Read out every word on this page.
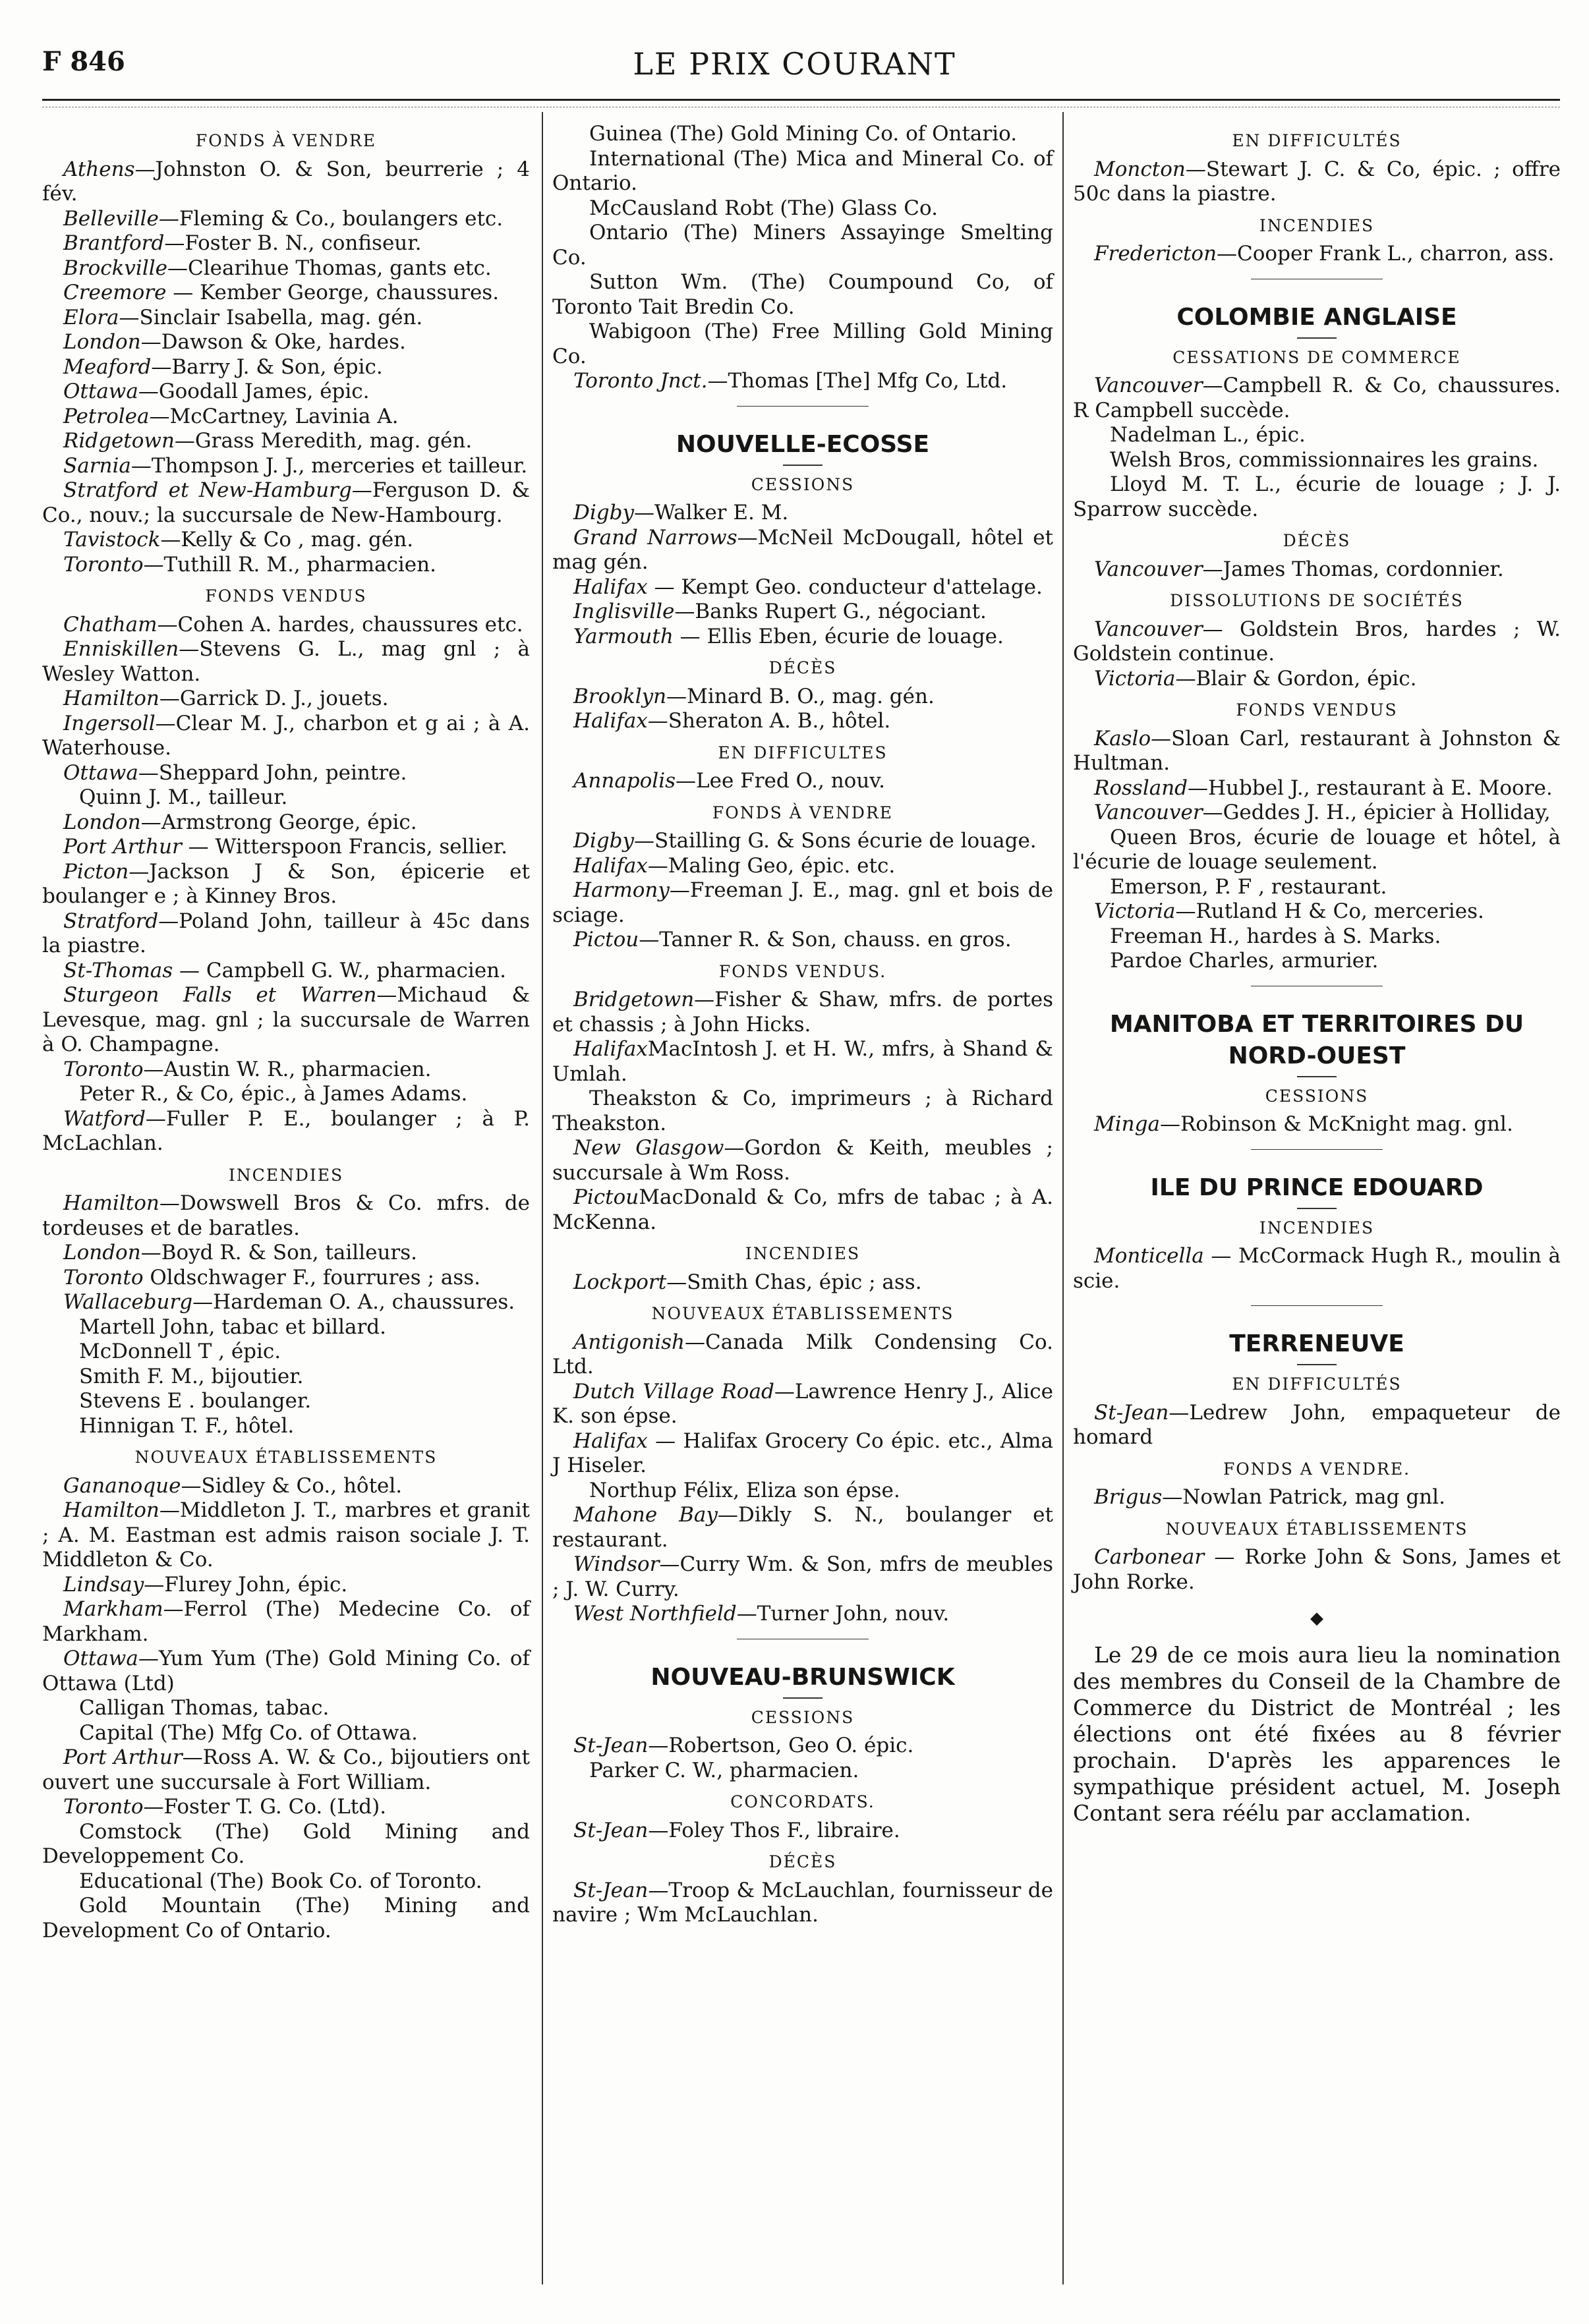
F 846	LE PRIX COURANT
FONDS À VENDRE

Athens—Johnston O. & Son, beurrerie ; 4 fév.

Belleville—Fleming & Co., boulangers etc.

Brantford—Foster B. N., confiseur.

Brockville—Clearihue Thomas, gants etc.

Creemore — Kember George, chaussures.

Elora—Sinclair Isabella, mag. gén.

London—Dawson & Oke, hardes.

Meaford—Barry J. & Son, épic.

Ottawa—Goodall James, épic.

Petrolea—McCartney, Lavinia A.

Ridgetown—Grass Meredith, mag. gén.

Sarnia—Thompson J. J., merceries et tailleur.

Stratford et New-Hamburg—Ferguson D. & Co., nouv.; la succursale de New-Hambourg.

Tavistock—Kelly & Co , mag. gén.

Toronto—Tuthill R. M., pharmacien.

FONDS VENDUS

Chatham—Cohen A. hardes, chaussures etc.

Enniskillen—Stevens G. L., mag gnl ; à Wesley Watton.

Hamilton—Garrick D. J., jouets.

Ingersoll—Clear M. J., charbon et g ai ; à A. Waterhouse.

Ottawa—Sheppard John, peintre.

Quinn J. M., tailleur.

London—Armstrong George, épic.

Port Arthur — Witterspoon Francis, sellier.

Picton—Jackson J & Son, épicerie et boulanger e ; à Kinney Bros.

Stratford—Poland John, tailleur à 45c dans la piastre.

St-Thomas — Campbell G. W., pharmacien.

Sturgeon Falls et Warren—Michaud & Levesque, mag. gnl ; la succursale de Warren à O. Champagne.

Toronto—Austin W. R., pharmacien.

Peter R., & Co, épic., à James Adams.

Watford—Fuller P. E., boulanger ; à P. McLachlan.

INCENDIES

Hamilton—Dowswell Bros & Co. mfrs. de tordeuses et de baratles.

London—Boyd R. & Son, tailleurs.

Toronto Oldschwager F., fourrures ; ass.

Wallaceburg—Hardeman O. A., chaussures.

Martell John, tabac et billard.

McDonnell T , épic.

Smith F. M., bijoutier.

Stevens E . boulanger.

Hinnigan T. F., hôtel.

NOUVEAUX ÉTABLISSEMENTS

Gananoque—Sidley & Co., hôtel.

Hamilton—Middleton J. T., marbres et granit ; A. M. Eastman est admis raison sociale J. T. Middleton & Co.

Lindsay—Flurey John, épic.

Markham—Ferrol (The) Medecine Co. of Markham.

Ottawa—Yum Yum (The) Gold Mining Co. of Ottawa (Ltd)

Calligan Thomas, tabac.

Capital (The) Mfg Co. of Ottawa.

Port Arthur—Ross A. W. & Co., bijoutiers ont ouvert une succursale à Fort William.

Toronto—Foster T. G. Co. (Ltd).

Comstock (The) Gold Mining and Developpement Co.

Educational (The) Book Co. of Toronto.

Gold Mountain (The) Mining and Development Co of Ontario.

Guinea (The) Gold Mining Co. of Ontario.

International (The) Mica and Mineral Co. of Ontario.

McCausland Robt (The) Glass Co.

Ontario (The) Miners Assayinge Smelting Co.

Sutton Wm. (The) Coumpound Co, of Toronto Tait Bredin Co.

Wabigoon (The) Free Milling Gold Mining Co.

Toronto Jnct.—Thomas [The] Mfg Co, Ltd.

NOUVELLE-ECOSSE
CESSIONS

Digby—Walker E. M.

Grand Narrows—McNeil McDougall, hôtel et mag gén.

Halifax — Kempt Geo. conducteur d'attelage.

Inglisville—Banks Rupert G., négociant.

Yarmouth — Ellis Eben, écurie de louage.

DÉCÈS

Brooklyn—Minard B. O., mag. gén.

Halifax—Sheraton A. B., hôtel.

EN DIFFICULTES

Annapolis—Lee Fred O., nouv.

FONDS À VENDRE

Digby—Stailling G. & Sons écurie de louage.

Halifax—Maling Geo, épic. etc.

Harmony—Freeman J. E., mag. gnl et bois de sciage.

Pictou—Tanner R. & Son, chauss. en gros.

FONDS VENDUS.

Bridgetown—Fisher & Shaw, mfrs. de portes et chassis ; à John Hicks.

HalifaxMacIntosh J. et H. W., mfrs, à Shand & Umlah.

Theakston & Co, imprimeurs ; à Richard Theakston.

New Glasgow—Gordon & Keith, meubles ; succursale à Wm Ross.

PictouMacDonald & Co, mfrs de tabac ; à A. McKenna.

INCENDIES

Lockport—Smith Chas, épic ; ass.

NOUVEAUX ÉTABLISSEMENTS

Antigonish—Canada Milk Condensing Co. Ltd.

Dutch Village Road—Lawrence Henry J., Alice K. son épse.

Halifax — Halifax Grocery Co épic. etc., Alma J Hiseler.

Northup Félix, Eliza son épse.

Mahone Bay—Dikly S. N., boulanger et restaurant.

Windsor—Curry Wm. & Son, mfrs de meubles ; J. W. Curry.

West Northfield—Turner John, nouv.

NOUVEAU-BRUNSWICK
CESSIONS

St-Jean—Robertson, Geo O. épic.

Parker C. W., pharmacien.

CONCORDATS.

St-Jean—Foley Thos F., libraire.

DÉCÈS

St-Jean—Troop & McLauchlan, fournisseur de navire ; Wm McLauchlan.

EN DIFFICULTÉS

Moncton—Stewart J. C. & Co, épic. ; offre 50c dans la piastre.

INCENDIES

Fredericton—Cooper Frank L., charron, ass.

COLOMBIE ANGLAISE
CESSATIONS DE COMMERCE

Vancouver—Campbell R. & Co, chaussures. R Campbell succède.

Nadelman L., épic.

Welsh Bros, commissionnaires les grains.

Lloyd M. T. L., écurie de louage ; J. J. Sparrow succède.

DÉCÈS

Vancouver—James Thomas, cordonnier.

DISSOLUTIONS DE SOCIÉTÉS

Vancouver— Goldstein Bros, hardes ; W. Goldstein continue.

Victoria—Blair & Gordon, épic.

FONDS VENDUS

Kaslo—Sloan Carl, restaurant à Johnston & Hultman.

Rossland—Hubbel J., restaurant à E. Moore.

Vancouver—Geddes J. H., épicier à Holliday,

Queen Bros, écurie de louage et hôtel, à l'écurie de louage seulement.

Emerson, P. F , restaurant.

Victoria—Rutland H & Co, merceries.

Freeman H., hardes à S. Marks.

Pardoe Charles, armurier.

MANITOBA ET TERRITOIRES DU NORD-OUEST
CESSIONS

Minga—Robinson & McKnight mag. gnl.

ILE DU PRINCE EDOUARD
INCENDIES

Monticella — McCormack Hugh R., moulin à scie.

TERRENEUVE
EN DIFFICULTÉS

St-Jean—Ledrew John, empaqueteur de homard

FONDS A VENDRE.

Brigus—Nowlan Patrick, mag gnl.

NOUVEAUX ÉTABLISSEMENTS

Carbonear — Rorke John & Sons, James et John Rorke.

◆

Le 29 de ce mois aura lieu la nomination des membres du Conseil de la Chambre de Commerce du District de Montréal ; les élections ont été fixées au 8 février prochain. D'après les apparences le sympathique président actuel, M. Joseph Contant sera réélu par acclamation.
